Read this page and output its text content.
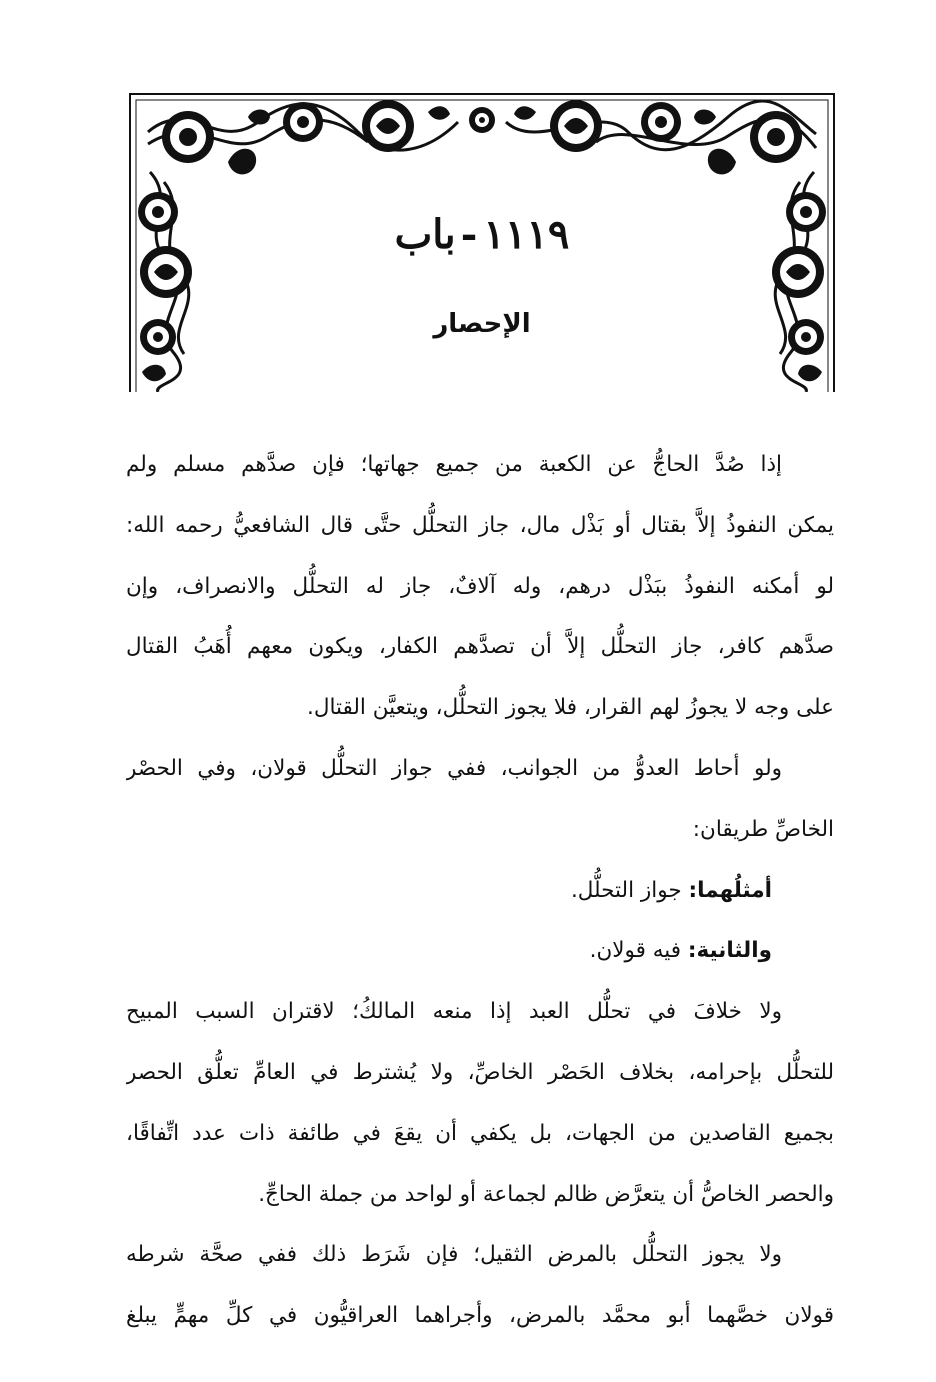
١١١٩ - باب
الإحصار
إذا صُدَّ الحاجُّ عن الكعبة من جميع جهاتها؛ فإن صدَّهم مسلم ولم
يمكن النفوذُ إلاَّ بقتال أو بَذْل مال، جاز التحلُّل حتَّى قال الشافعيُّ رحمه الله:
لو أمكنه النفوذُ ببَذْل درهم، وله آلافٌ، جاز له التحلُّل والانصراف، وإن
صدَّهم كافر، جاز التحلُّل إلاَّ أن تصدَّهم الكفار، ويكون معهم أُهَبُ القتال
على وجه لا يجوزُ لهم القرار، فلا يجوز التحلُّل، ويتعيَّن القتال.
ولو أحاط العدوُّ من الجوانب، ففي جواز التحلُّل قولان، وفي الحصْر
الخاصِّ طريقان:
أمثلُهما: جواز التحلُّل.
والثانية: فيه قولان.
ولا خلافَ في تحلُّل العبد إذا منعه المالكُ؛ لاقتران السبب المبيح
للتحلُّل بإحرامه، بخلاف الحَصْر الخاصِّ، ولا يُشترط في العامِّ تعلُّق الحصر
بجميع القاصدين من الجهات، بل يكفي أن يقعَ في طائفة ذات عدد اتِّفاقًا،
والحصر الخاصُّ أن يتعرَّض ظالم لجماعة أو لواحد من جملة الحاجِّ.
ولا يجوز التحلُّل بالمرض الثقيل؛ فإن شَرَط ذلك ففي صحَّة شرطه
قولان خصَّهما أبو محمَّد بالمرض، وأجراهما العراقيُّون في كلِّ مهمٍّ يبلغ
